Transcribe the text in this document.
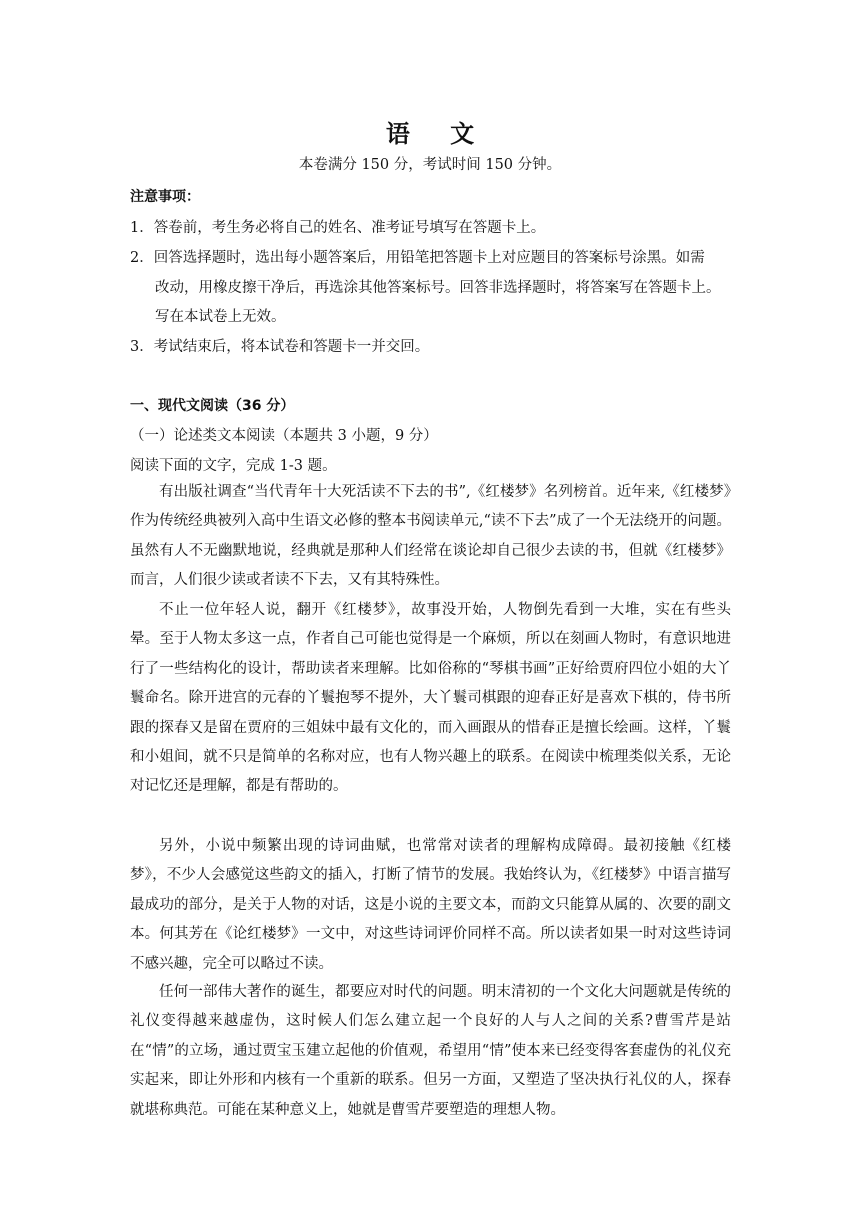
语 文
本卷满分 150 分，考试时间 150 分钟。
注意事项：
1．答卷前，考生务必将自己的姓名、准考证号填写在答题卡上。
2．回答选择题时，选出每小题答案后，用铅笔把答题卡上对应题目的答案标号涂黑。如需
改动，用橡皮擦干净后，再选涂其他答案标号。回答非选择题时，将答案写在答题卡上。
写在本试卷上无效。
3．考试结束后，将本试卷和答题卡一并交回。
一、现代文阅读（36 分）
（一）论述类文本阅读（本题共 3 小题，9 分）
阅读下面的文字，完成 1-3 题。
有出版社调查“当代青年十大死活读不下去的书”,《红楼梦》名列榜首。近年来,《红楼梦》作为传统经典被列入高中生语文必修的整本书阅读单元,“读不下去”成了一个无法绕开的问题。虽然有人不无幽默地说，经典就是那种人们经常在谈论却自己很少去读的书，但就《红楼梦》而言，人们很少读或者读不下去，又有其特殊性。
不止一位年轻人说，翻开《红楼梦》，故事没开始，人物倒先看到一大堆，实在有些头晕。至于人物太多这一点，作者自己可能也觉得是一个麻烦，所以在刻画人物时，有意识地进行了一些结构化的设计，帮助读者来理解。比如俗称的“琴棋书画”正好给贾府四位小姐的大丫鬟命名。除开进宫的元春的丫鬟抱琴不提外，大丫鬟司棋跟的迎春正好是喜欢下棋的，侍书所跟的探春又是留在贾府的三姐妹中最有文化的，而入画跟从的惜春正是擅长绘画。这样，丫鬟和小姐间，就不只是简单的名称对应，也有人物兴趣上的联系。在阅读中梳理类似关系，无论对记忆还是理解，都是有帮助的。
另外，小说中频繁出现的诗词曲赋，也常常对读者的理解构成障碍。最初接触《红楼梦》，不少人会感觉这些韵文的插入，打断了情节的发展。我始终认为，《红楼梦》中语言描写最成功的部分，是关于人物的对话，这是小说的主要文本，而韵文只能算从属的、次要的副文本。何其芳在《论红楼梦》一文中，对这些诗词评价同样不高。所以读者如果一时对这些诗词不感兴趣，完全可以略过不读。
任何一部伟大著作的诞生，都要应对时代的问题。明末清初的一个文化大问题就是传统的礼仪变得越来越虚伪，这时候人们怎么建立起一个良好的人与人之间的关系?曹雪芹是站在“情”的立场，通过贾宝玉建立起他的价值观，希望用“情”使本来已经变得客套虚伪的礼仪充实起来，即让外形和内核有一个重新的联系。但另一方面，又塑造了坚决执行礼仪的人，探春就堪称典范。可能在某种意义上，她就是曹雪芹要塑造的理想人物。
